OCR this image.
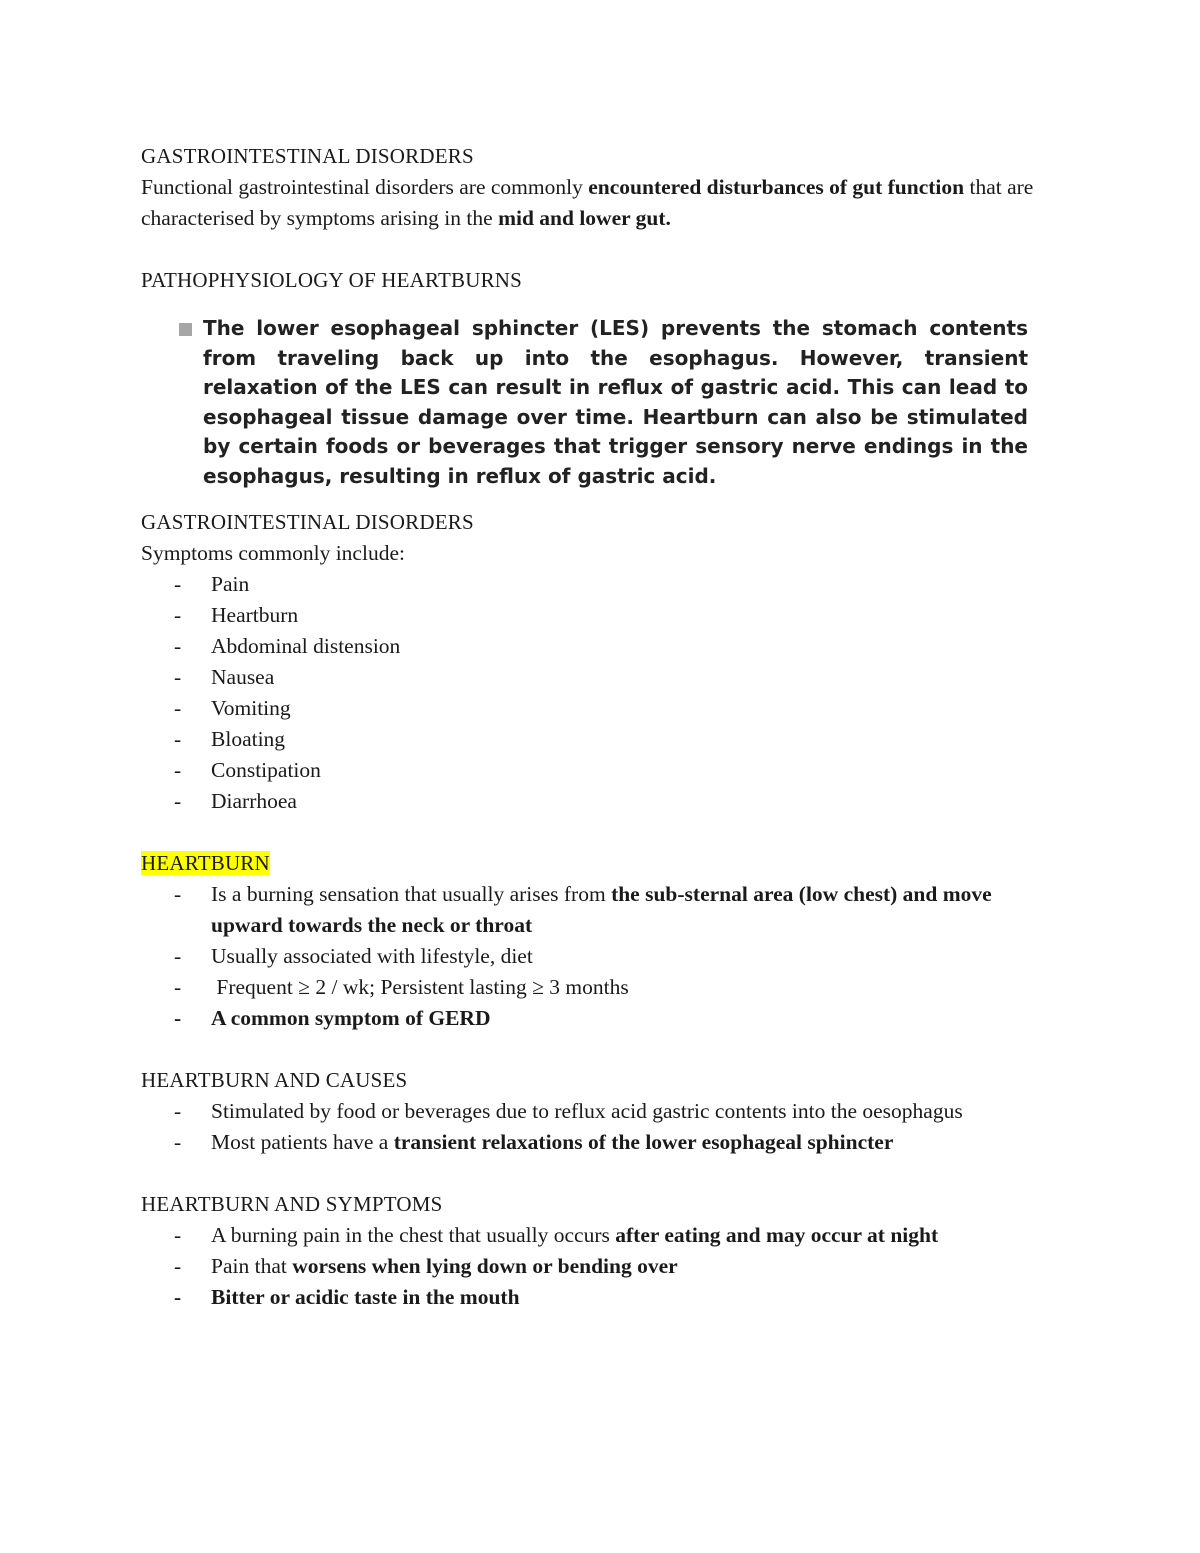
GASTROINTESTINAL DISORDERS

Functional gastrointestinal disorders are commonly encountered disturbances of gut function that are characterised by symptoms arising in the mid and lower gut.

PATHOPHYSIOLOGY OF HEARTBURNS

The lower esophageal sphincter (LES) prevents the stomach contents from traveling back up into the esophagus. However, transient relaxation of the LES can result in reflux of gastric acid. This can lead to esophageal tissue damage over time. Heartburn can also be stimulated by certain foods or beverages that trigger sensory nerve endings in the esophagus, resulting in reflux of gastric acid.

GASTROINTESTINAL DISORDERS

Symptoms commonly include:

- Pain
- Heartburn
- Abdominal distension
- Nausea
- Vomiting
- Bloating
- Constipation
- Diarrhoea
HEARTBURN
- Is a burning sensation that usually arises from the sub-sternal area (low chest) and move upward towards the neck or throat
- Usually associated with lifestyle, diet
- Frequent ≥ 2 / wk; Persistent lasting ≥ 3 months
- A common symptom of GERD
HEARTBURN AND CAUSES
- Stimulated by food or beverages due to reflux acid gastric contents into the oesophagus
- Most patients have a transient relaxations of the lower esophageal sphincter
HEARTBURN AND SYMPTOMS
- A burning pain in the chest that usually occurs after eating and may occur at night
- Pain that worsens when lying down or bending over
- Bitter or acidic taste in the mouth
